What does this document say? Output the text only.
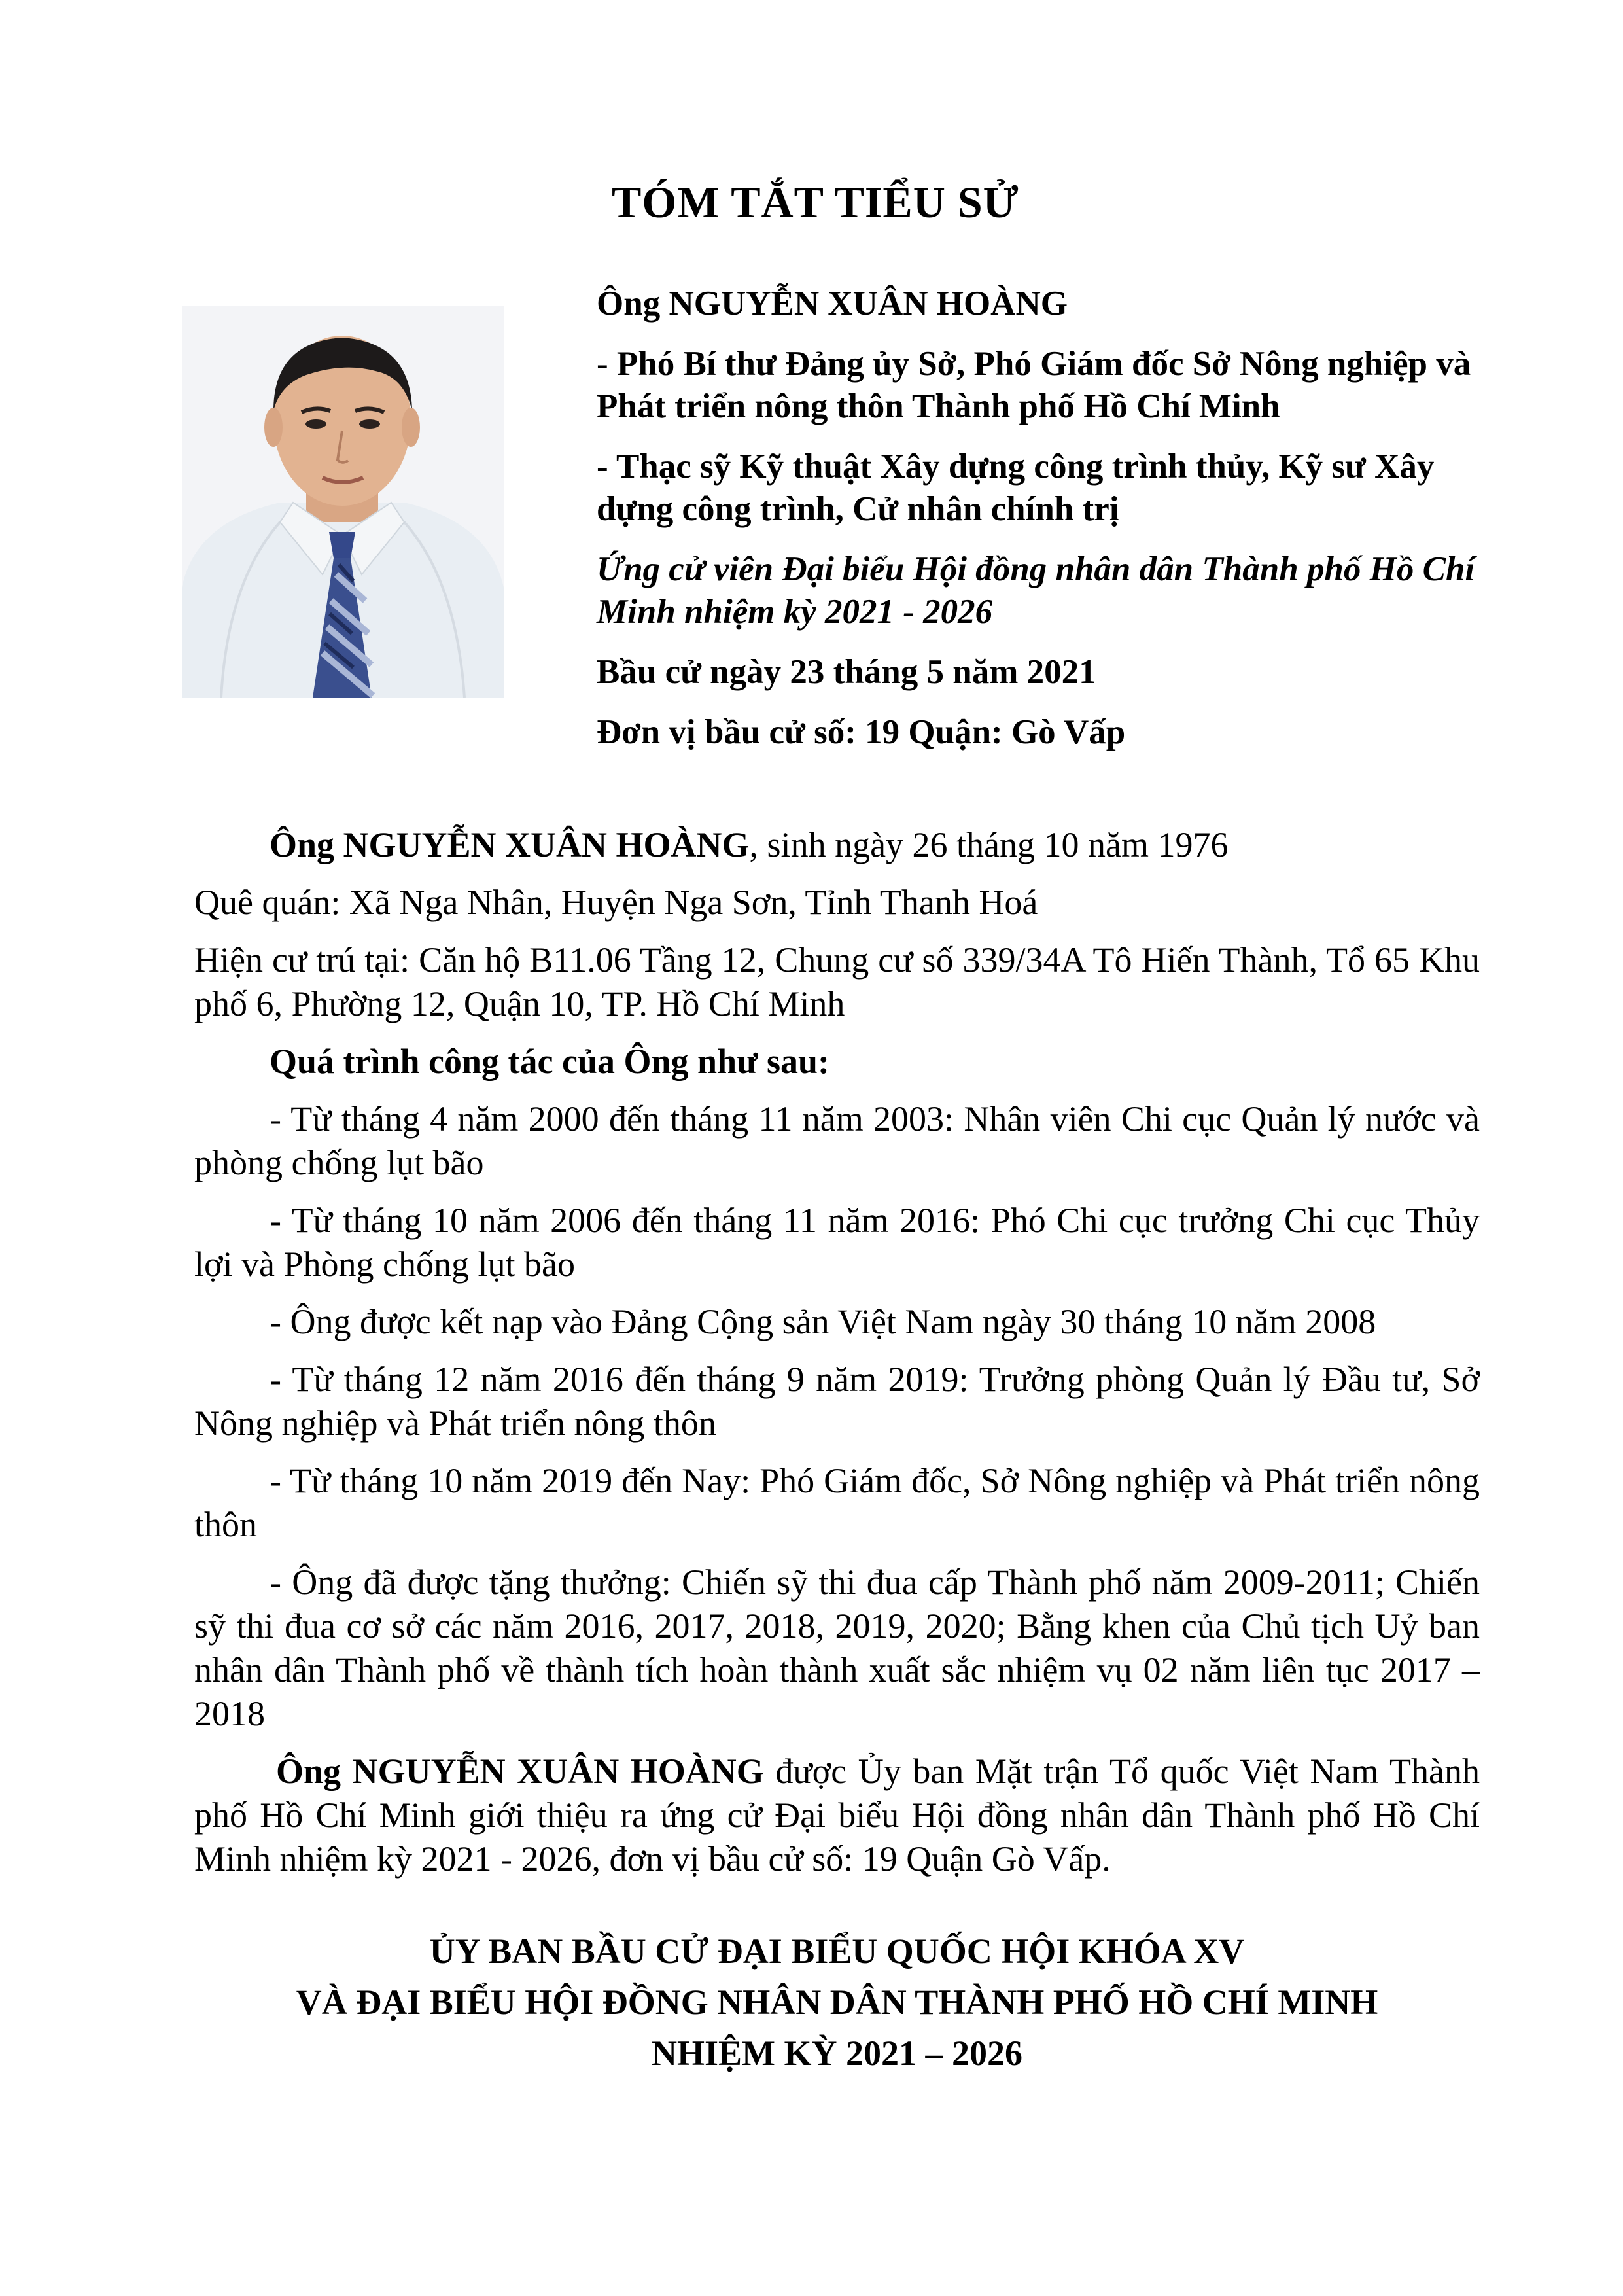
TÓM TẮT TIỂU SỬ

Ông NGUYỄN XUÂN HOÀNG

- Phó Bí thư Đảng ủy Sở, Phó Giám đốc Sở Nông nghiệp và Phát triển nông thôn Thành phố Hồ Chí Minh

- Thạc sỹ Kỹ thuật Xây dựng công trình thủy, Kỹ sư Xây dựng công trình, Cử nhân chính trị

Ứng cử viên Đại biểu Hội đồng nhân dân Thành phố Hồ Chí Minh nhiệm kỳ 2021 - 2026

Bầu cử ngày 23 tháng 5 năm 2021

Đơn vị bầu cử số: 19 Quận: Gò Vấp

Ông NGUYỄN XUÂN HOÀNG, sinh ngày 26 tháng 10 năm 1976

Quê quán: Xã Nga Nhân, Huyện Nga Sơn, Tỉnh Thanh Hoá

Hiện cư trú tại: Căn hộ B11.06 Tầng 12, Chung cư số 339/34A Tô Hiến Thành, Tổ 65 Khu phố 6, Phường 12, Quận 10, TP. Hồ Chí Minh

Quá trình công tác của Ông như sau:

- Từ tháng 4 năm 2000 đến tháng 11 năm 2003: Nhân viên Chi cục Quản lý nước và phòng chống lụt bão

- Từ tháng 10 năm 2006 đến tháng 11 năm 2016: Phó Chi cục trưởng Chi cục Thủy lợi và Phòng chống lụt bão

- Ông được kết nạp vào Đảng Cộng sản Việt Nam ngày 30 tháng 10 năm 2008

- Từ tháng 12 năm 2016 đến tháng 9 năm 2019: Trưởng phòng Quản lý Đầu tư, Sở Nông nghiệp và Phát triển nông thôn

- Từ tháng 10 năm 2019 đến Nay: Phó Giám đốc, Sở Nông nghiệp và Phát triển nông thôn

- Ông đã được tặng thưởng: Chiến sỹ thi đua cấp Thành phố năm 2009-2011; Chiến sỹ thi đua cơ sở các năm 2016, 2017, 2018, 2019, 2020; Bằng khen của Chủ tịch Uỷ ban nhân dân Thành phố về thành tích hoàn thành xuất sắc nhiệm vụ 02 năm liên tục 2017 – 2018

Ông NGUYỄN XUÂN HOÀNG được Ủy ban Mặt trận Tổ quốc Việt Nam Thành phố Hồ Chí Minh giới thiệu ra ứng cử Đại biểu Hội đồng nhân dân Thành phố Hồ Chí Minh nhiệm kỳ 2021 - 2026, đơn vị bầu cử số: 19 Quận Gò Vấp.

ỦY BAN BẦU CỬ ĐẠI BIỂU QUỐC HỘI KHÓA XV
VÀ ĐẠI BIỂU HỘI ĐỒNG NHÂN DÂN THÀNH PHỐ HỒ CHÍ MINH
NHIỆM KỲ 2021 – 2026
